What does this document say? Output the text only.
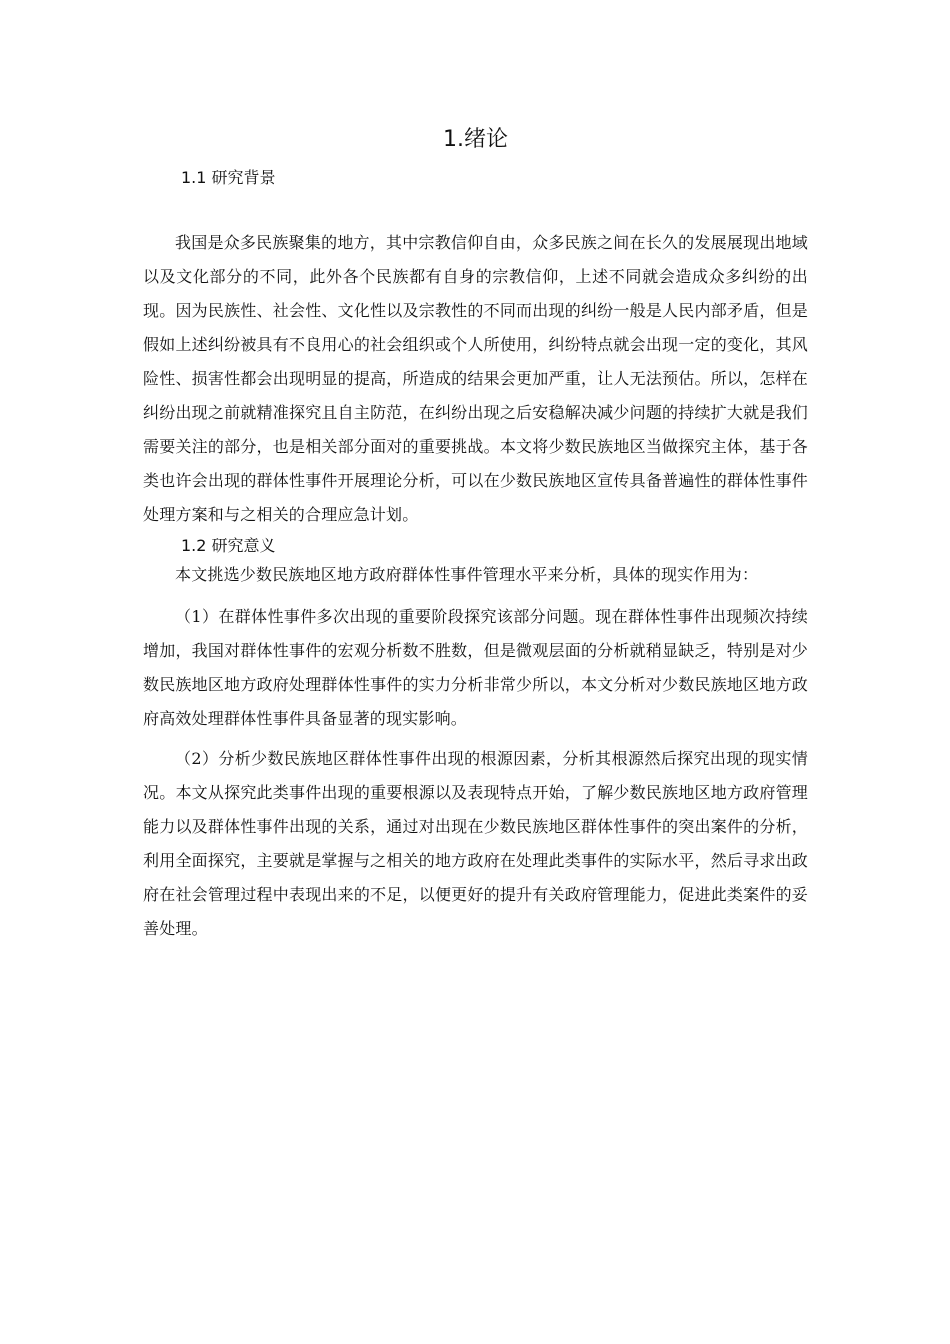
1.绪论
1.1 研究背景

我国是众多民族聚集的地方，其中宗教信仰自由，众多民族之间在长久的发展展现出地域以及文化部分的不同，此外各个民族都有自身的宗教信仰，上述不同就会造成众多纠纷的出现。因为民族性、社会性、文化性以及宗教性的不同而出现的纠纷一般是人民内部矛盾，但是假如上述纠纷被具有不良用心的社会组织或个人所使用，纠纷特点就会出现一定的变化，其风险性、损害性都会出现明显的提高，所造成的结果会更加严重，让人无法预估。所以，怎样在纠纷出现之前就精准探究且自主防范，在纠纷出现之后安稳解决减少问题的持续扩大就是我们需要关注的部分，也是相关部分面对的重要挑战。本文将少数民族地区当做探究主体，基于各类也许会出现的群体性事件开展理论分析，可以在少数民族地区宣传具备普遍性的群体性事件处理方案和与之相关的合理应急计划。

1.2 研究意义

本文挑选少数民族地区地方政府群体性事件管理水平来分析，具体的现实作用为：

（1）在群体性事件多次出现的重要阶段探究该部分问题。现在群体性事件出现频次持续增加，我国对群体性事件的宏观分析数不胜数，但是微观层面的分析就稍显缺乏，特别是对少数民族地区地方政府处理群体性事件的实力分析非常少所以，本文分析对少数民族地区地方政府高效处理群体性事件具备显著的现实影响。

（2）分析少数民族地区群体性事件出现的根源因素，分析其根源然后探究出现的现实情况。本文从探究此类事件出现的重要根源以及表现特点开始，了解少数民族地区地方政府管理能力以及群体性事件出现的关系，通过对出现在少数民族地区群体性事件的突出案件的分析，利用全面探究，主要就是掌握与之相关的地方政府在处理此类事件的实际水平，然后寻求出政府在社会管理过程中表现出来的不足，以便更好的提升有关政府管理能力，促进此类案件的妥善处理。
